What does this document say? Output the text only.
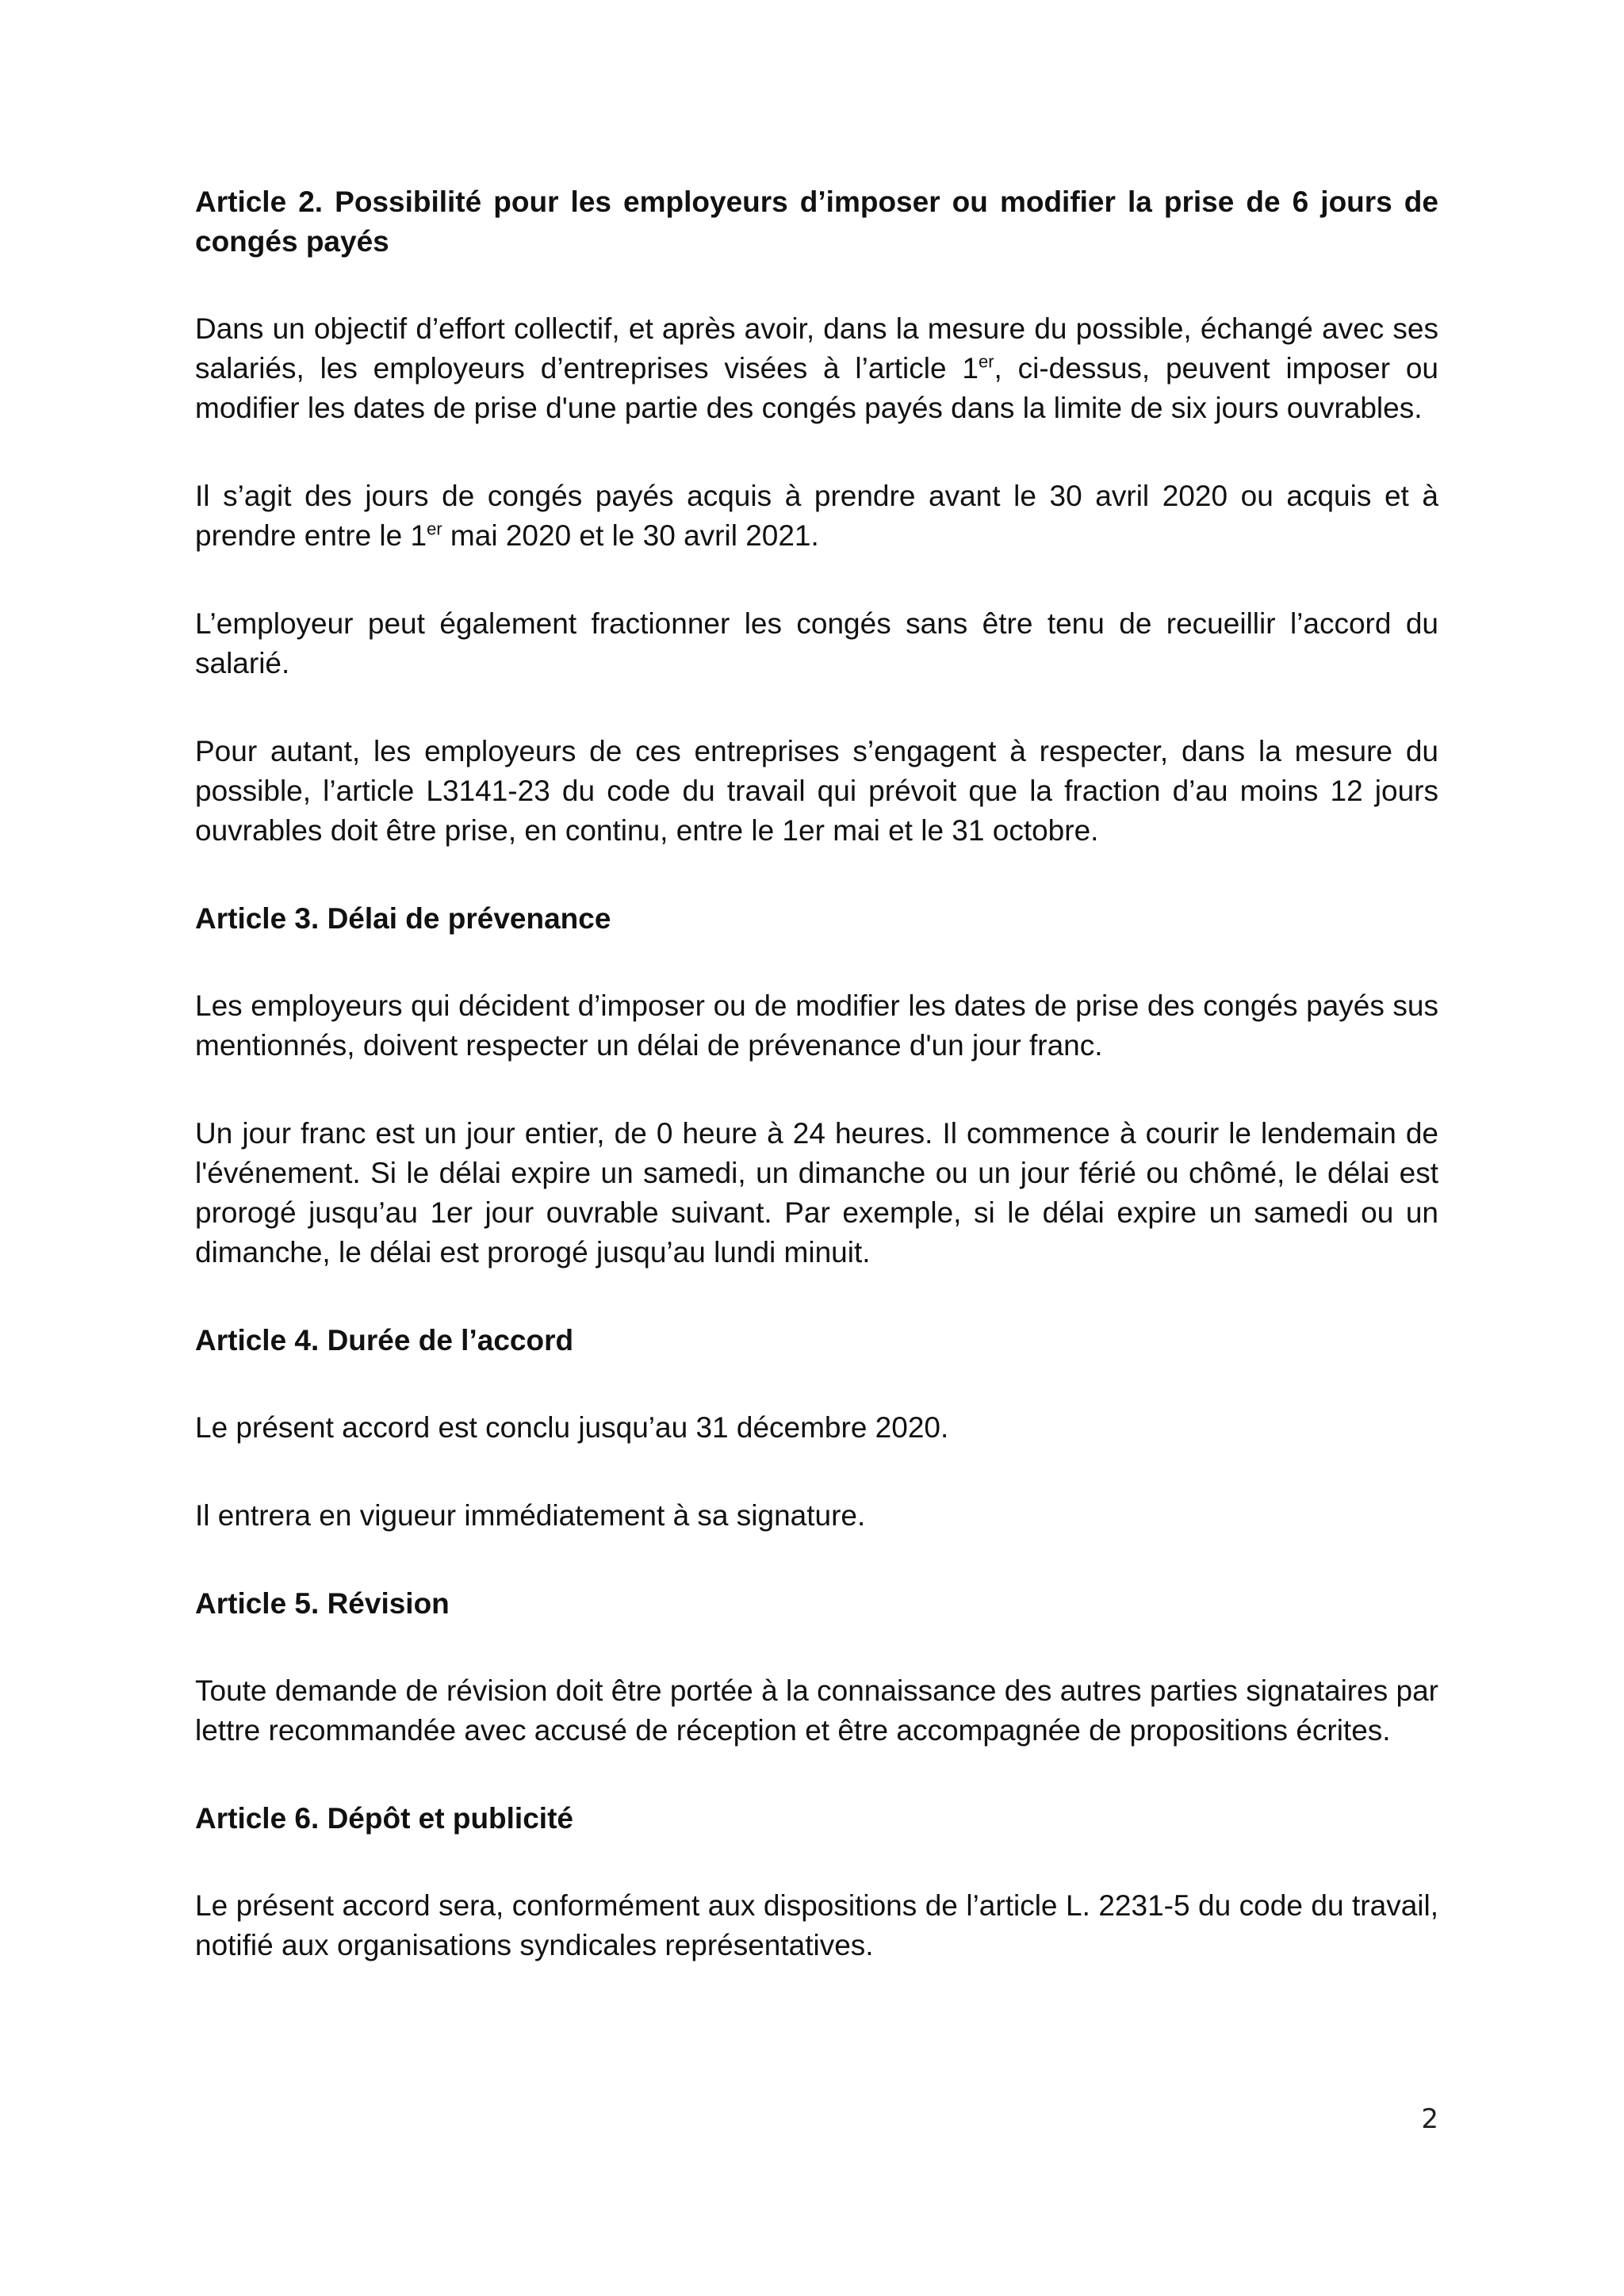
Article 2. Possibilité pour les employeurs d’imposer ou modifier la prise de 6 jours de congés payés

Dans un objectif d’effort collectif, et après avoir, dans la mesure du possible, échangé avec ses salariés, les employeurs d’entreprises visées à l’article 1er, ci-dessus, peuvent imposer ou modifier les dates de prise d'une partie des congés payés dans la limite de six jours ouvrables.

Il s’agit des jours de congés payés acquis à prendre avant le 30 avril 2020 ou acquis et à prendre entre le 1er mai 2020 et le 30 avril 2021.

L’employeur peut également fractionner les congés sans être tenu de recueillir l’accord du salarié.

Pour autant, les employeurs de ces entreprises s’engagent à respecter, dans la mesure du possible, l’article L3141-23 du code du travail qui prévoit que la fraction d’au moins 12 jours ouvrables doit être prise, en continu, entre le 1er mai et le 31 octobre.

Article 3. Délai de prévenance

Les employeurs qui décident d’imposer ou de modifier les dates de prise des congés payés sus mentionnés, doivent respecter un délai de prévenance d'un jour franc.

Un jour franc est un jour entier, de 0 heure à 24 heures. Il commence à courir le lendemain de l'événement. Si le délai expire un samedi, un dimanche ou un jour férié ou chômé, le délai est prorogé jusqu’au 1er jour ouvrable suivant. Par exemple, si le délai expire un samedi ou un dimanche, le délai est prorogé jusqu’au lundi minuit.

Article 4. Durée de l’accord

Le présent accord est conclu jusqu’au 31 décembre 2020.

Il entrera en vigueur immédiatement à sa signature.

Article 5. Révision

Toute demande de révision doit être portée à la connaissance des autres parties signataires par lettre recommandée avec accusé de réception et être accompagnée de propositions écrites.

Article 6. Dépôt et publicité

Le présent accord sera, conformément aux dispositions de l’article L. 2231-5 du code du travail, notifié aux organisations syndicales représentatives.

2
